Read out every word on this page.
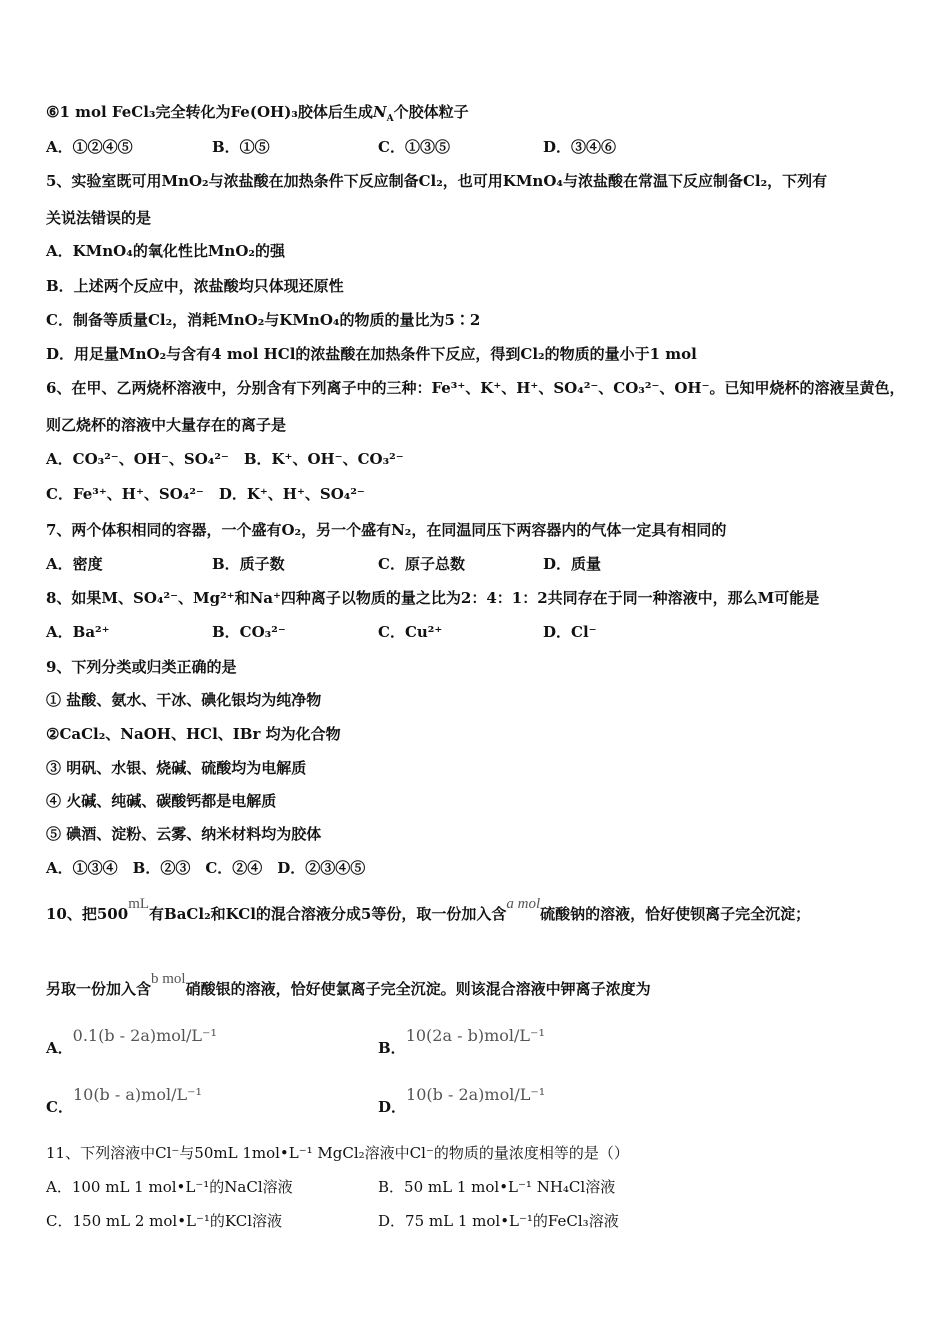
⑥1 mol FeCl₃完全转化为Fe(OH)₃胶体后生成$N_A$个胶体粒子
A．①②④⑤	B．①⑤	C．①③⑤	D．③④⑥
5、实验室既可用MnO₂与浓盐酸在加热条件下反应制备Cl₂，也可用KMnO₄与浓盐酸在常温下反应制备Cl₂，下列有
关说法错误的是
A．KMnO₄的氧化性比MnO₂的强
B．上述两个反应中，浓盐酸均只体现还原性
C．制备等质量Cl₂，消耗MnO₂与KMnO₄的物质的量比为5∶2
D．用足量MnO₂与含有4 mol HCl的浓盐酸在加热条件下反应，得到Cl₂的物质的量小于1 mol
6、在甲、乙两烧杯溶液中，分别含有下列离子中的三种：Fe³⁺、K⁺、H⁺、SO₄²⁻、CO₃²⁻、OH⁻。已知甲烧杯的溶液呈黄色，
则乙烧杯的溶液中大量存在的离子是
A．CO₃²⁻、OH⁻、SO₄²⁻　B．K⁺、OH⁻、CO₃²⁻
C．Fe³⁺、H⁺、SO₄²⁻　D．K⁺、H⁺、SO₄²⁻
7、两个体积相同的容器，一个盛有O₂，另一个盛有N₂，在同温同压下两容器内的气体一定具有相同的
A．密度	B．质子数	C．原子总数	D．质量
8、如果M、SO₄²⁻、Mg²⁺和Na⁺四种离子以物质的量之比为2：4：1：2共同存在于同一种溶液中，那么M可能是
A．Ba²⁺	B．CO₃²⁻	C．Cu²⁺	D．Cl⁻
9、下列分类或归类正确的是
① 盐酸、氨水、干冰、碘化银均为纯净物
②CaCl₂、NaOH、HCl、IBr 均为化合物
③ 明矾、水银、烧碱、硫酸均为电解质
④ 火碱、纯碱、碳酸钙都是电解质
⑤ 碘酒、淀粉、云雾、纳米材料均为胶体
A．①③④　B．②③　C．②④　D．②③④⑤
10、把500mL有BaCl₂和KCl的混合溶液分成5等份，取一份加入含a mol硫酸钠的溶液，恰好使钡离子完全沉淀；
另取一份加入含b mol硝酸银的溶液，恰好使氯离子完全沉淀。则该混合溶液中钾离子浓度为
A．0.1(b - 2a)mol/L⁻¹
B．10(2a - b)mol/L⁻¹
C．10(b - a)mol/L⁻¹
D．10(b - 2a)mol/L⁻¹
11、下列溶液中Cl⁻与50mL 1mol•L⁻¹ MgCl₂溶液中Cl⁻的物质的量浓度相等的是（）
A．100 mL 1 mol•L⁻¹的NaCl溶液	B．50 mL 1 mol•L⁻¹ NH₄Cl溶液
C．150 mL 2 mol•L⁻¹的KCl溶液	D．75 mL 1 mol•L⁻¹的FeCl₃溶液
